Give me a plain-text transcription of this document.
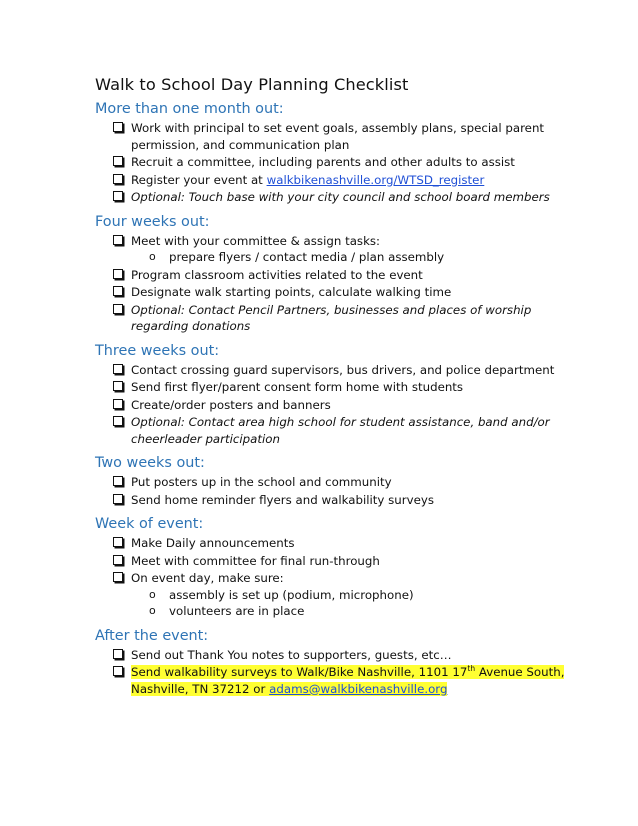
Walk to School Day Planning Checklist
More than one month out:
Work with principal to set event goals, assembly plans, special parent permission, and communication plan
Recruit a committee, including parents and other adults to assist
Register your event at walkbikenashville.org/WTSD_register
Optional: Touch base with your city council and school board members
Four weeks out:
Meet with your committee & assign tasks:
o prepare flyers / contact media / plan assembly
Program classroom activities related to the event
Designate walk starting points, calculate walking time
Optional: Contact Pencil Partners, businesses and places of worship regarding donations
Three weeks out:
Contact crossing guard supervisors, bus drivers, and police department
Send first flyer/parent consent form home with students
Create/order posters and banners
Optional: Contact area high school for student assistance, band and/or cheerleader participation
Two weeks out:
Put posters up in the school and community
Send home reminder flyers and walkability surveys
Week of event:
Make Daily announcements
Meet with committee for final run-through
On event day, make sure:
o assembly is set up (podium, microphone)
o volunteers are in place
After the event:
Send out Thank You notes to supporters, guests, etc…
Send walkability surveys to Walk/Bike Nashville, 1101 17th Avenue South, Nashville, TN 37212 or adams@walkbikenashville.org
